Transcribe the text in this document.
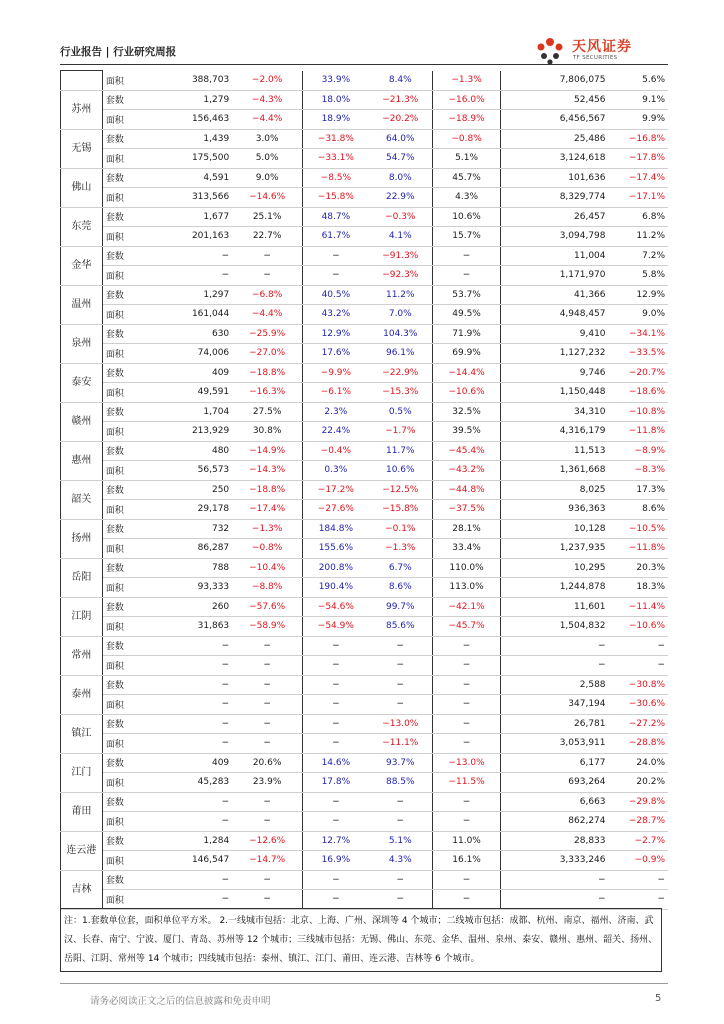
行业报告 | 行业研究周报	天风证券
TF SECURITIES
	面积	388,703	−2.0%	33.9%	8.4%	−1.3%	7,806,075	5.6%
苏州	套数	1,279	−4.3%	18.0%	−21.3%	−16.0%	52,456	9.1%
	面积	156,463	−4.4%	18.9%	−20.2%	−18.9%	6,456,567	9.9%
无锡	套数	1,439	3.0%	−31.8%	64.0%	−0.8%	25,486	−16.8%
	面积	175,500	5.0%	−33.1%	54.7%	5.1%	3,124,618	−17.8%
佛山	套数	4,591	9.0%	−8.5%	8.0%	45.7%	101,636	−17.4%
	面积	313,566	−14.6%	−15.8%	22.9%	4.3%	8,329,774	−17.1%
东莞	套数	1,677	25.1%	48.7%	−0.3%	10.6%	26,457	6.8%
	面积	201,163	22.7%	61.7%	4.1%	15.7%	3,094,798	11.2%
金华	套数	−	−	−	−91.3%	−	11,004	7.2%
	面积	−	−	−	−92.3%	−	1,171,970	5.8%
温州	套数	1,297	−6.8%	40.5%	11.2%	53.7%	41,366	12.9%
	面积	161,044	−4.4%	43.2%	7.0%	49.5%	4,948,457	9.0%
泉州	套数	630	−25.9%	12.9%	104.3%	71.9%	9,410	−34.1%
	面积	74,006	−27.0%	17.6%	96.1%	69.9%	1,127,232	−33.5%
泰安	套数	409	−18.8%	−9.9%	−22.9%	−14.4%	9,746	−20.7%
	面积	49,591	−16.3%	−6.1%	−15.3%	−10.6%	1,150,448	−18.6%
赣州	套数	1,704	27.5%	2.3%	0.5%	32.5%	34,310	−10.8%
	面积	213,929	30.8%	22.4%	−1.7%	39.5%	4,316,179	−11.8%
惠州	套数	480	−14.9%	−0.4%	11.7%	−45.4%	11,513	−8.9%
	面积	56,573	−14.3%	0.3%	10.6%	−43.2%	1,361,668	−8.3%
韶关	套数	250	−18.8%	−17.2%	−12.5%	−44.8%	8,025	17.3%
	面积	29,178	−17.4%	−27.6%	−15.8%	−37.5%	936,363	8.6%
扬州	套数	732	−1.3%	184.8%	−0.1%	28.1%	10,128	−10.5%
	面积	86,287	−0.8%	155.6%	−1.3%	33.4%	1,237,935	−11.8%
岳阳	套数	788	−10.4%	200.8%	6.7%	110.0%	10,295	20.3%
	面积	93,333	−8.8%	190.4%	8.6%	113.0%	1,244,878	18.3%
江阴	套数	260	−57.6%	−54.6%	99.7%	−42.1%	11,601	−11.4%
	面积	31,863	−58.9%	−54.9%	85.6%	−45.7%	1,504,832	−10.6%
常州	套数	−	−	−	−	−	−	−
	面积	−	−	−	−	−	−	−
泰州	套数	−	−	−	−	−	2,588	−30.8%
	面积	−	−	−	−	−	347,194	−30.6%
镇江	套数	−	−	−	−13.0%	−	26,781	−27.2%
	面积	−	−	−	−11.1%	−	3,053,911	−28.8%
江门	套数	409	20.6%	14.6%	93.7%	−13.0%	6,177	24.0%
	面积	45,283	23.9%	17.8%	88.5%	−11.5%	693,264	20.2%
莆田	套数	−	−	−	−	−	6,663	−29.8%
	面积	−	−	−	−	−	862,274	−28.7%
连云港	套数	1,284	−12.6%	12.7%	5.1%	11.0%	28,833	−2.7%
	面积	146,547	−14.7%	16.9%	4.3%	16.1%	3,333,246	−0.9%
吉林	套数	−	−	−	−	−	−	−
	面积	−	−	−	−	−	−	−
注：1.套数单位套，面积单位平方米。 2.一线城市包括：北京、上海、广州、深圳等 4 个城市；二线城市包括：成都、杭州、南京、福州、济南、武汉、长春、南宁、宁波、厦门、青岛、苏州等 12 个城市；三线城市包括：无锡、佛山、东莞、金华、温州、泉州、泰安、赣州、惠州、韶关、扬州、岳阳、江阴、常州等 14 个城市；四线城市包括：泰州、镇江、江门、莆田、连云港、吉林等 6 个城市。
请务必阅读正文之后的信息披露和免责申明	5
